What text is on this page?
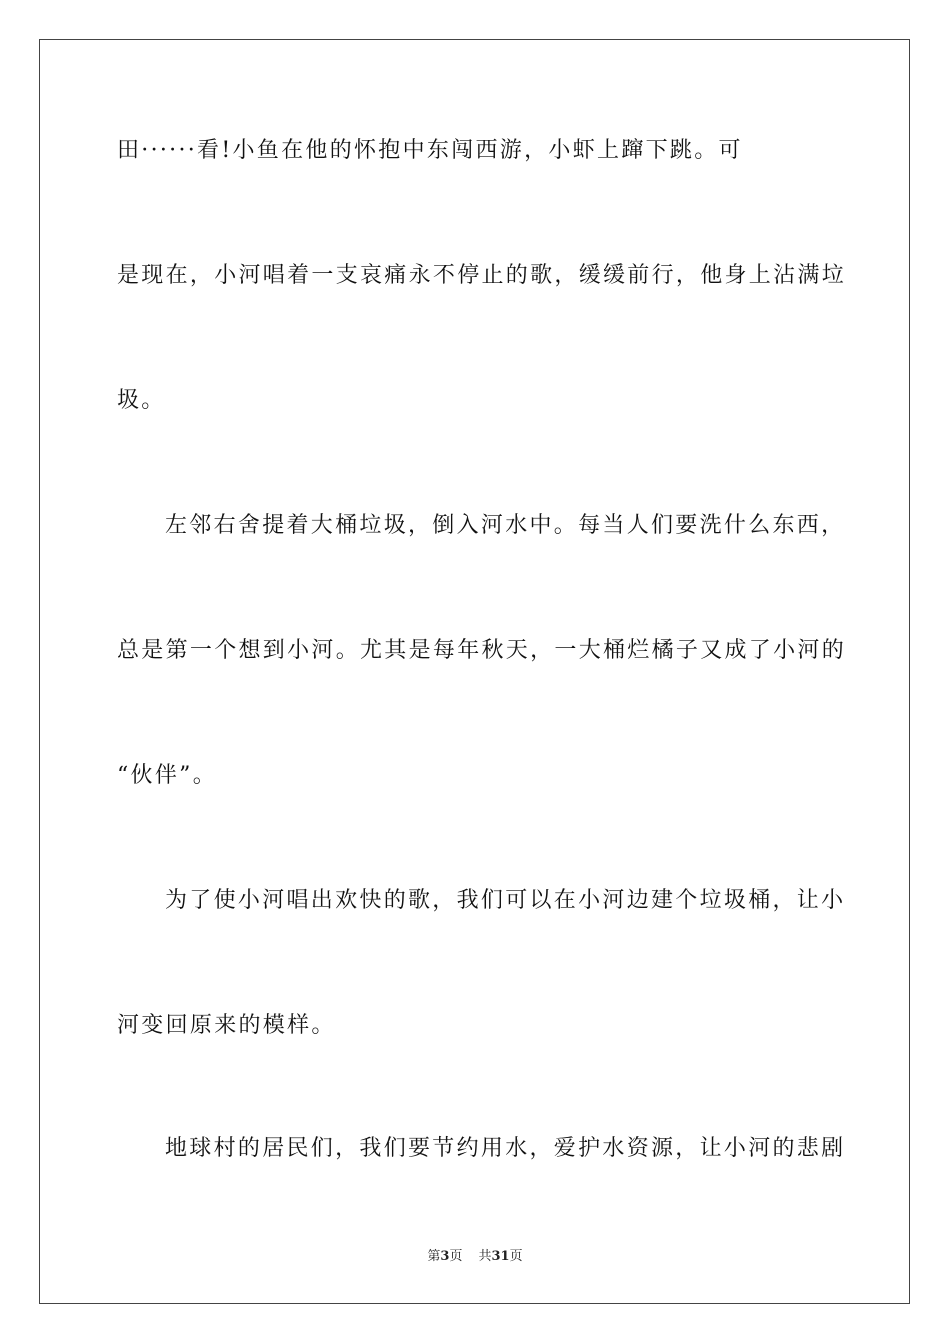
田······看!小鱼在他的怀抱中东闯西游，小虾上蹿下跳。可
是现在，小河唱着一支哀痛永不停止的歌，缓缓前行，他身上沾满垃
圾。
左邻右舍提着大桶垃圾，倒入河水中。每当人们要洗什么东西，
总是第一个想到小河。尤其是每年秋天，一大桶烂橘子又成了小河的
“伙伴”。
为了使小河唱出欢快的歌，我们可以在小河边建个垃圾桶，让小
河变回原来的模样。
地球村的居民们，我们要节约用水，爱护水资源，让小河的悲剧
第3页 共31页
